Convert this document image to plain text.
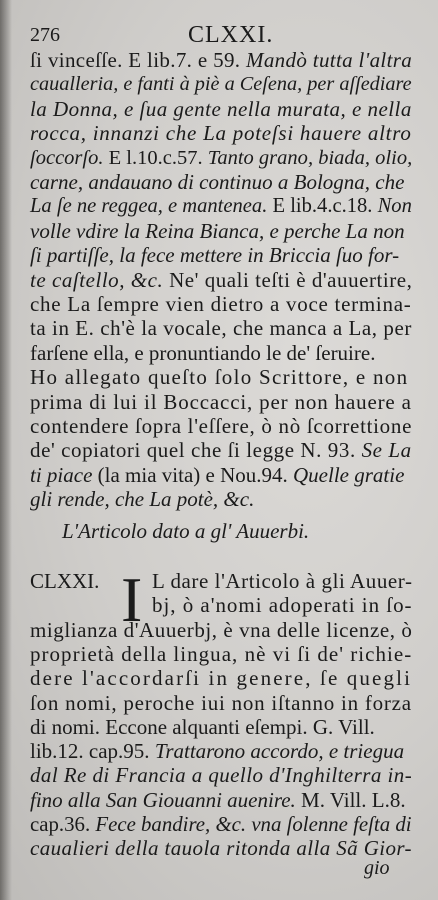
276	CLXXI.
ſi vinceſſe. E lib.7. e 59. Mandò tutta l'altra
caualleria, e fanti à piè a Ceſena, per aſſediare
la Donna, e ſua gente nella murata, e nella
rocca, innanzi che La poteſsi hauere altro
ſoccorſo. E l.10.c.57. Tanto grano, biada, olio,
carne, andauano di continuo a Bologna, che
La ſe ne reggea, e mantenea. E lib.4.c.18. Non
volle vdire la Reina Bianca, e perche La non
ſi partiſſe, la fece mettere in Briccia ſuo for-
te caſtello, &c. Ne' quali teſti è d'auuertire,
che La ſempre vien dietro a voce termina-
ta in E. ch'è la vocale, che manca a La, per
farſene ella, e pronuntiando le de' ſeruire.
Ho allegato queſto ſolo Scrittore, e non
prima di lui il Boccacci, per non hauere a
contendere ſopra l'eſſere, ò nò ſcorrettione
de' copiatori quel che ſi legge N. 93. Se La
ti piace (la mia vita) e Nou.94. Quelle gratie
gli rende, che La potè, &c.
L'Articolo dato a gl' Auuerbi.
I
CLXXI.	L dare l'Articolo à gli Auuer-
bj, ò a'nomi adoperati in ſo-
miglianza d'Auuerbj, è vna delle licenze, ò
proprietà della lingua, nè vi ſi de' richie-
dere l'accordarſi in genere, ſe quegli
ſon nomi, peroche iui non iſtanno in forza
di nomi. Eccone alquanti eſempi. G. Vill.
lib.12. cap.95. Trattarono accordo, e triegua
dal Re di Francia a quello d'Inghilterra in-
fino alla San Giouanni auenire. M. Vill. L.8.
cap.36. Fece bandire, &c. vna ſolenne feſta di
caualieri della tauola ritonda alla Sã Gior-
gio
